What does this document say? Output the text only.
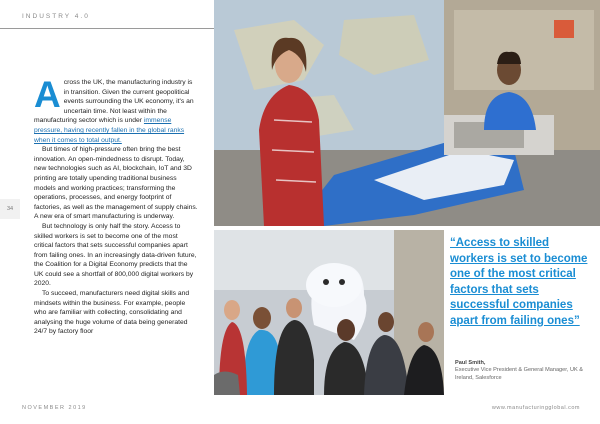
INDUSTRY 4.0
34

Across the UK, the manufacturing industry is in transition. Given the current geopolitical events surrounding the UK economy, it's an uncertain time. Not least within the manufacturing sector which is under immense pressure, having recently fallen in the global ranks when it comes to total output.

But times of high-pressure often bring the best innovation. An open-mindedness to disrupt. Today, new technologies such as AI, blockchain, IoT and 3D printing are totally upending traditional business models and working practices; transforming the operations, processes, and energy footprint of factories, as well as the management of supply chains. A new era of smart manufacturing is underway.

But technology is only half the story. Access to skilled workers is set to become one of the most critical factors that sets successful companies apart from failing ones. In an increasingly data-driven future, the Coalition for a Digital Economy predicts that the UK could see a shortfall of 800,000 digital workers by 2020.

To succeed, manufacturers need digital skills and mindsets within the business. For example, people who are familiar with collecting, consolidating and analysing the huge volume of data being generated 24/7 by factory floor

“Access to skilled workers is set to become one of the most critical factors that sets successful companies apart from failing ones”
Paul Smith,
Executive Vice President & General Manager, UK & Ireland, Salesforce
NOVEMBER 2019	www.manufacturingglobal.com
